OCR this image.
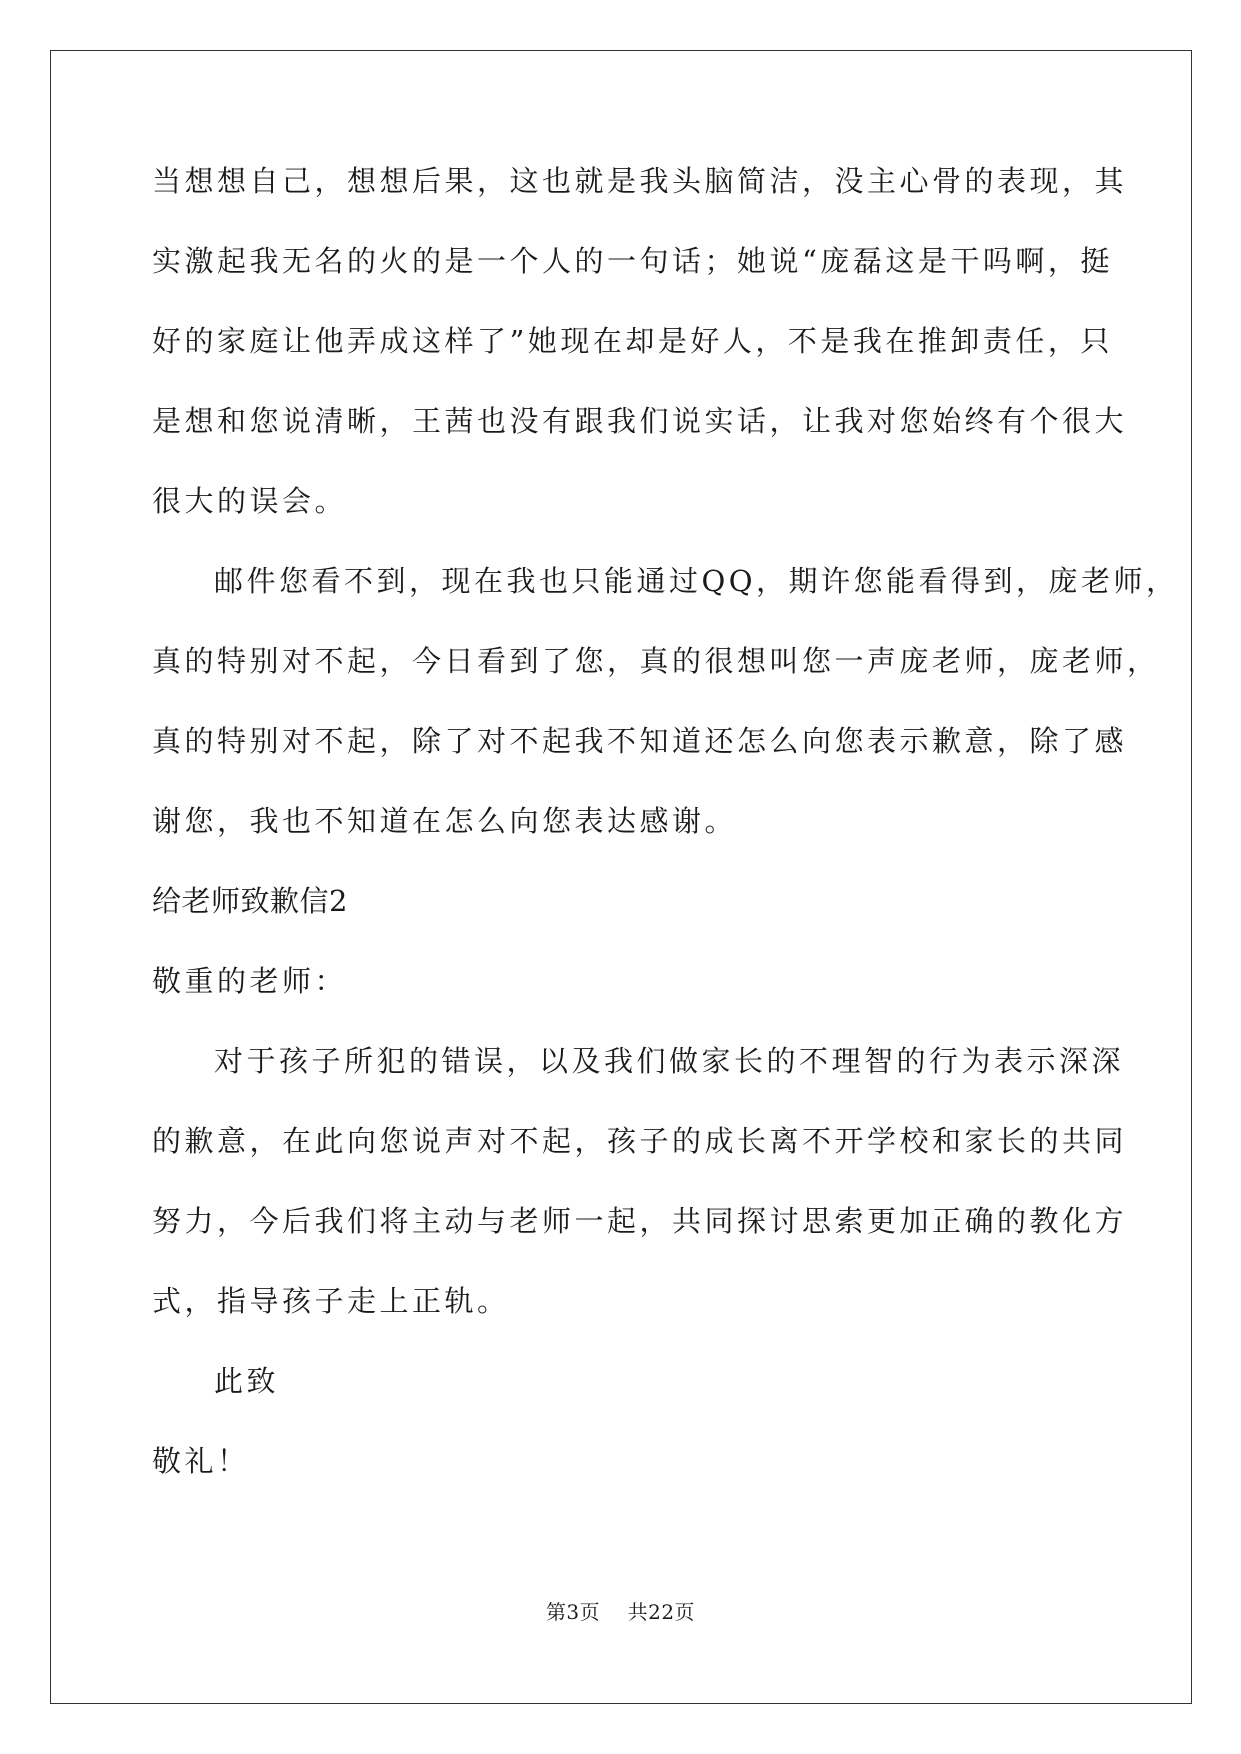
当想想自己，想想后果，这也就是我头脑简洁，没主心骨的表现，其
实激起我无名的火的是一个人的一句话；她说“庞磊这是干吗啊，挺
好的家庭让他弄成这样了”她现在却是好人，不是我在推卸责任，只
是想和您说清晰，王茜也没有跟我们说实话，让我对您始终有个很大
很大的误会。
邮件您看不到，现在我也只能通过QQ，期许您能看得到，庞老师，
真的特别对不起，今日看到了您，真的很想叫您一声庞老师，庞老师，
真的特别对不起，除了对不起我不知道还怎么向您表示歉意，除了感
谢您，我也不知道在怎么向您表达感谢。
给老师致歉信2
敬重的老师：
对于孩子所犯的错误，以及我们做家长的不理智的行为表示深深
的歉意，在此向您说声对不起，孩子的成长离不开学校和家长的共同
努力，今后我们将主动与老师一起，共同探讨思索更加正确的教化方
式，指导孩子走上正轨。
此致
敬礼！
第3页 共22页
